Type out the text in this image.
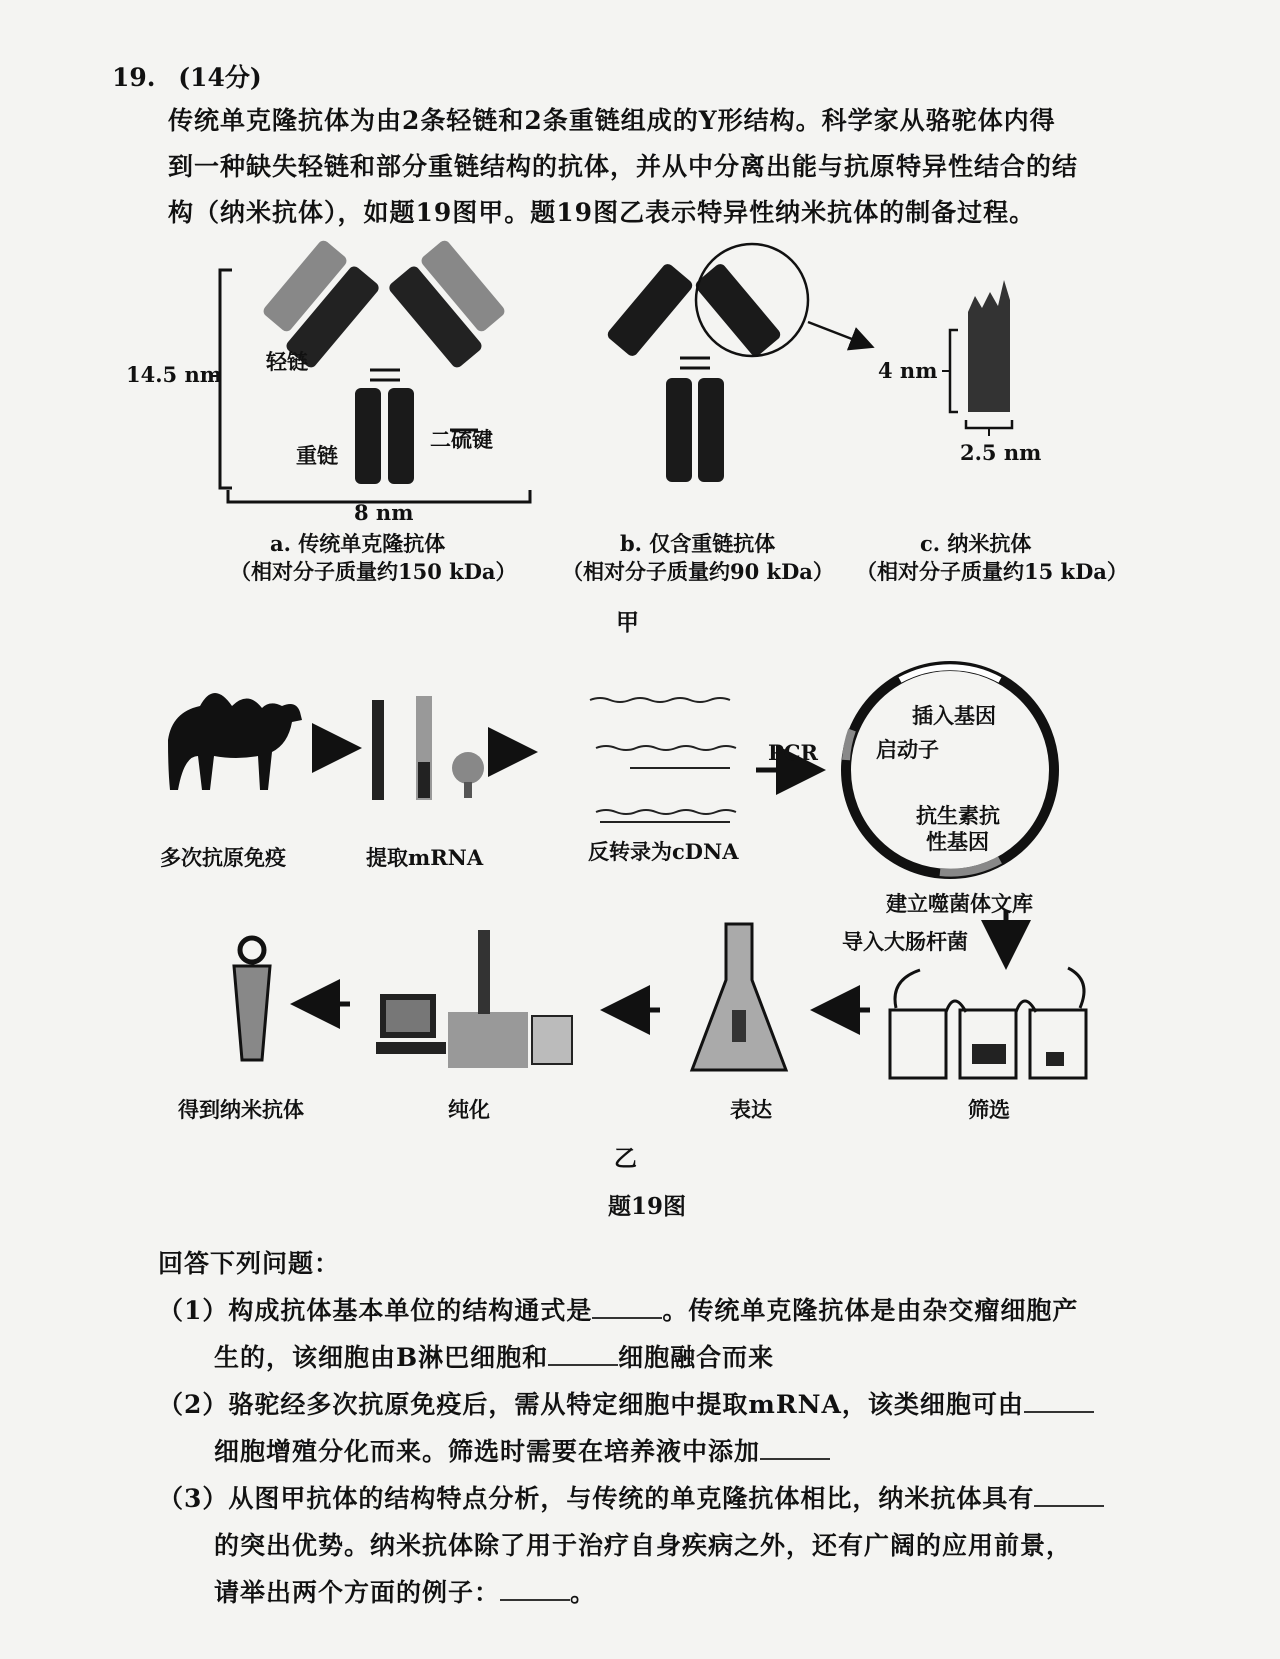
19. (14分)

传统单克隆抗体为由2条轻链和2条重链组成的Y形结构。科学家从骆驼体内得

到一种缺失轻链和部分重链结构的抗体，并从中分离出能与抗原特异性结合的结

构（纳米抗体），如题19图甲。题19图乙表示特异性纳米抗体的制备过程。

14.5 nm
轻链
重链
二硫键
8 nm
4 nm
2.5 nm
a. 传统单克隆抗体
（相对分子质量约150 kDa）
b. 仅含重链抗体
（相对分子质量约90 kDa）
c. 纳米抗体
（相对分子质量约15 kDa）
甲
多次抗原免疫	提取mRNA	反转录为cDNA
PCR
插入基因
启动子
抗生素抗
性基因
建立噬菌体文库
导入大肠杆菌
筛选
表达
纯化
得到纳米抗体
乙
题19图

回答下列问题：

（1）构成抗体基本单位的结构通式是	。传统单克隆抗体是由杂交瘤细胞产

生的，该细胞由B淋巴细胞和	细胞融合而来

（2）骆驼经多次抗原免疫后，需从特定细胞中提取mRNA，该类细胞可由

细胞增殖分化而来。筛选时需要在培养液中添加

（3）从图甲抗体的结构特点分析，与传统的单克隆抗体相比，纳米抗体具有

的突出优势。纳米抗体除了用于治疗自身疾病之外，还有广阔的应用前景，

请举出两个方面的例子：	。
